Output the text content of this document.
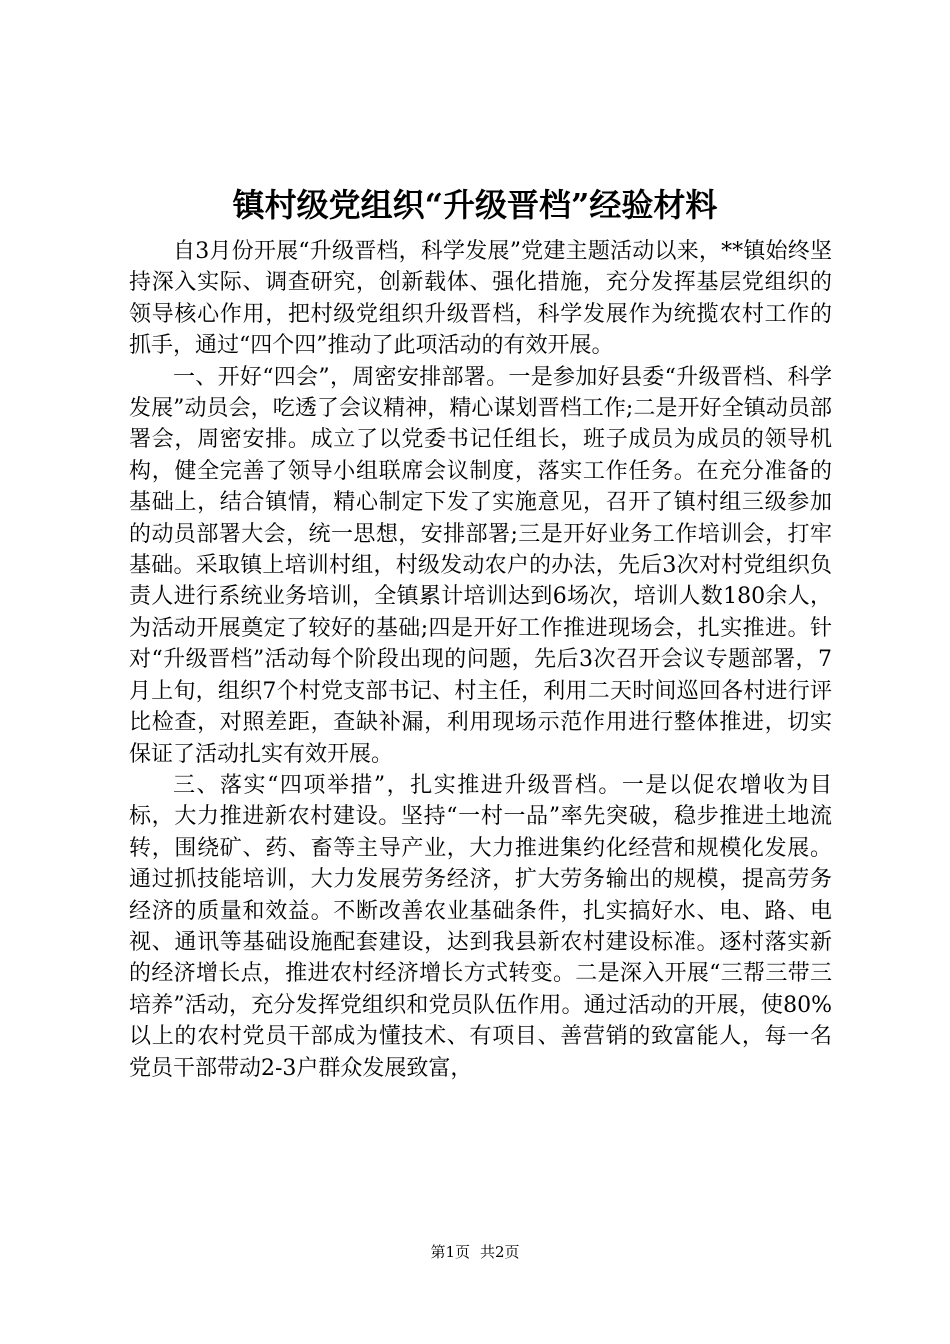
镇村级党组织“升级晋档”经验材料

自3月份开展“升级晋档，科学发展”党建主题活动以来，**镇始终坚持深入实际、调查研究，创新载体、强化措施，充分发挥基层党组织的领导核心作用，把村级党组织升级晋档，科学发展作为统揽农村工作的抓手，通过“四个四”推动了此项活动的有效开展。

一、开好“四会”，周密安排部署。一是参加好县委“升级晋档、科学发展”动员会，吃透了会议精神，精心谋划晋档工作;二是开好全镇动员部署会，周密安排。成立了以党委书记任组长，班子成员为成员的领导机构，健全完善了领导小组联席会议制度，落实工作任务。在充分准备的基础上，结合镇情，精心制定下发了实施意见，召开了镇村组三级参加的动员部署大会，统一思想，安排部署;三是开好业务工作培训会，打牢基础。采取镇上培训村组，村级发动农户的办法，先后3次对村党组织负责人进行系统业务培训，全镇累计培训达到6场次，培训人数180余人，为活动开展奠定了较好的基础;四是开好工作推进现场会，扎实推进。针对“升级晋档”活动每个阶段出现的问题，先后3次召开会议专题部署，7月上旬，组织7个村党支部书记、村主任，利用二天时间巡回各村进行评比检查，对照差距，查缺补漏，利用现场示范作用进行整体推进，切实保证了活动扎实有效开展。

三、落实“四项举措”，扎实推进升级晋档。一是以促农增收为目标，大力推进新农村建设。坚持“一村一品”率先突破，稳步推进土地流转，围绕矿、药、畜等主导产业，大力推进集约化经营和规模化发展。通过抓技能培训，大力发展劳务经济，扩大劳务输出的规模，提高劳务经济的质量和效益。不断改善农业基础条件，扎实搞好水、电、路、电视、通讯等基础设施配套建设，达到我县新农村建设标准。逐村落实新的经济增长点，推进农村经济增长方式转变。二是深入开展“三帮三带三培养”活动，充分发挥党组织和党员队伍作用。通过活动的开展，使80%以上的农村党员干部成为懂技术、有项目、善营销的致富能人，每一名党员干部带动2-3户群众发展致富，

第1页 共2页
